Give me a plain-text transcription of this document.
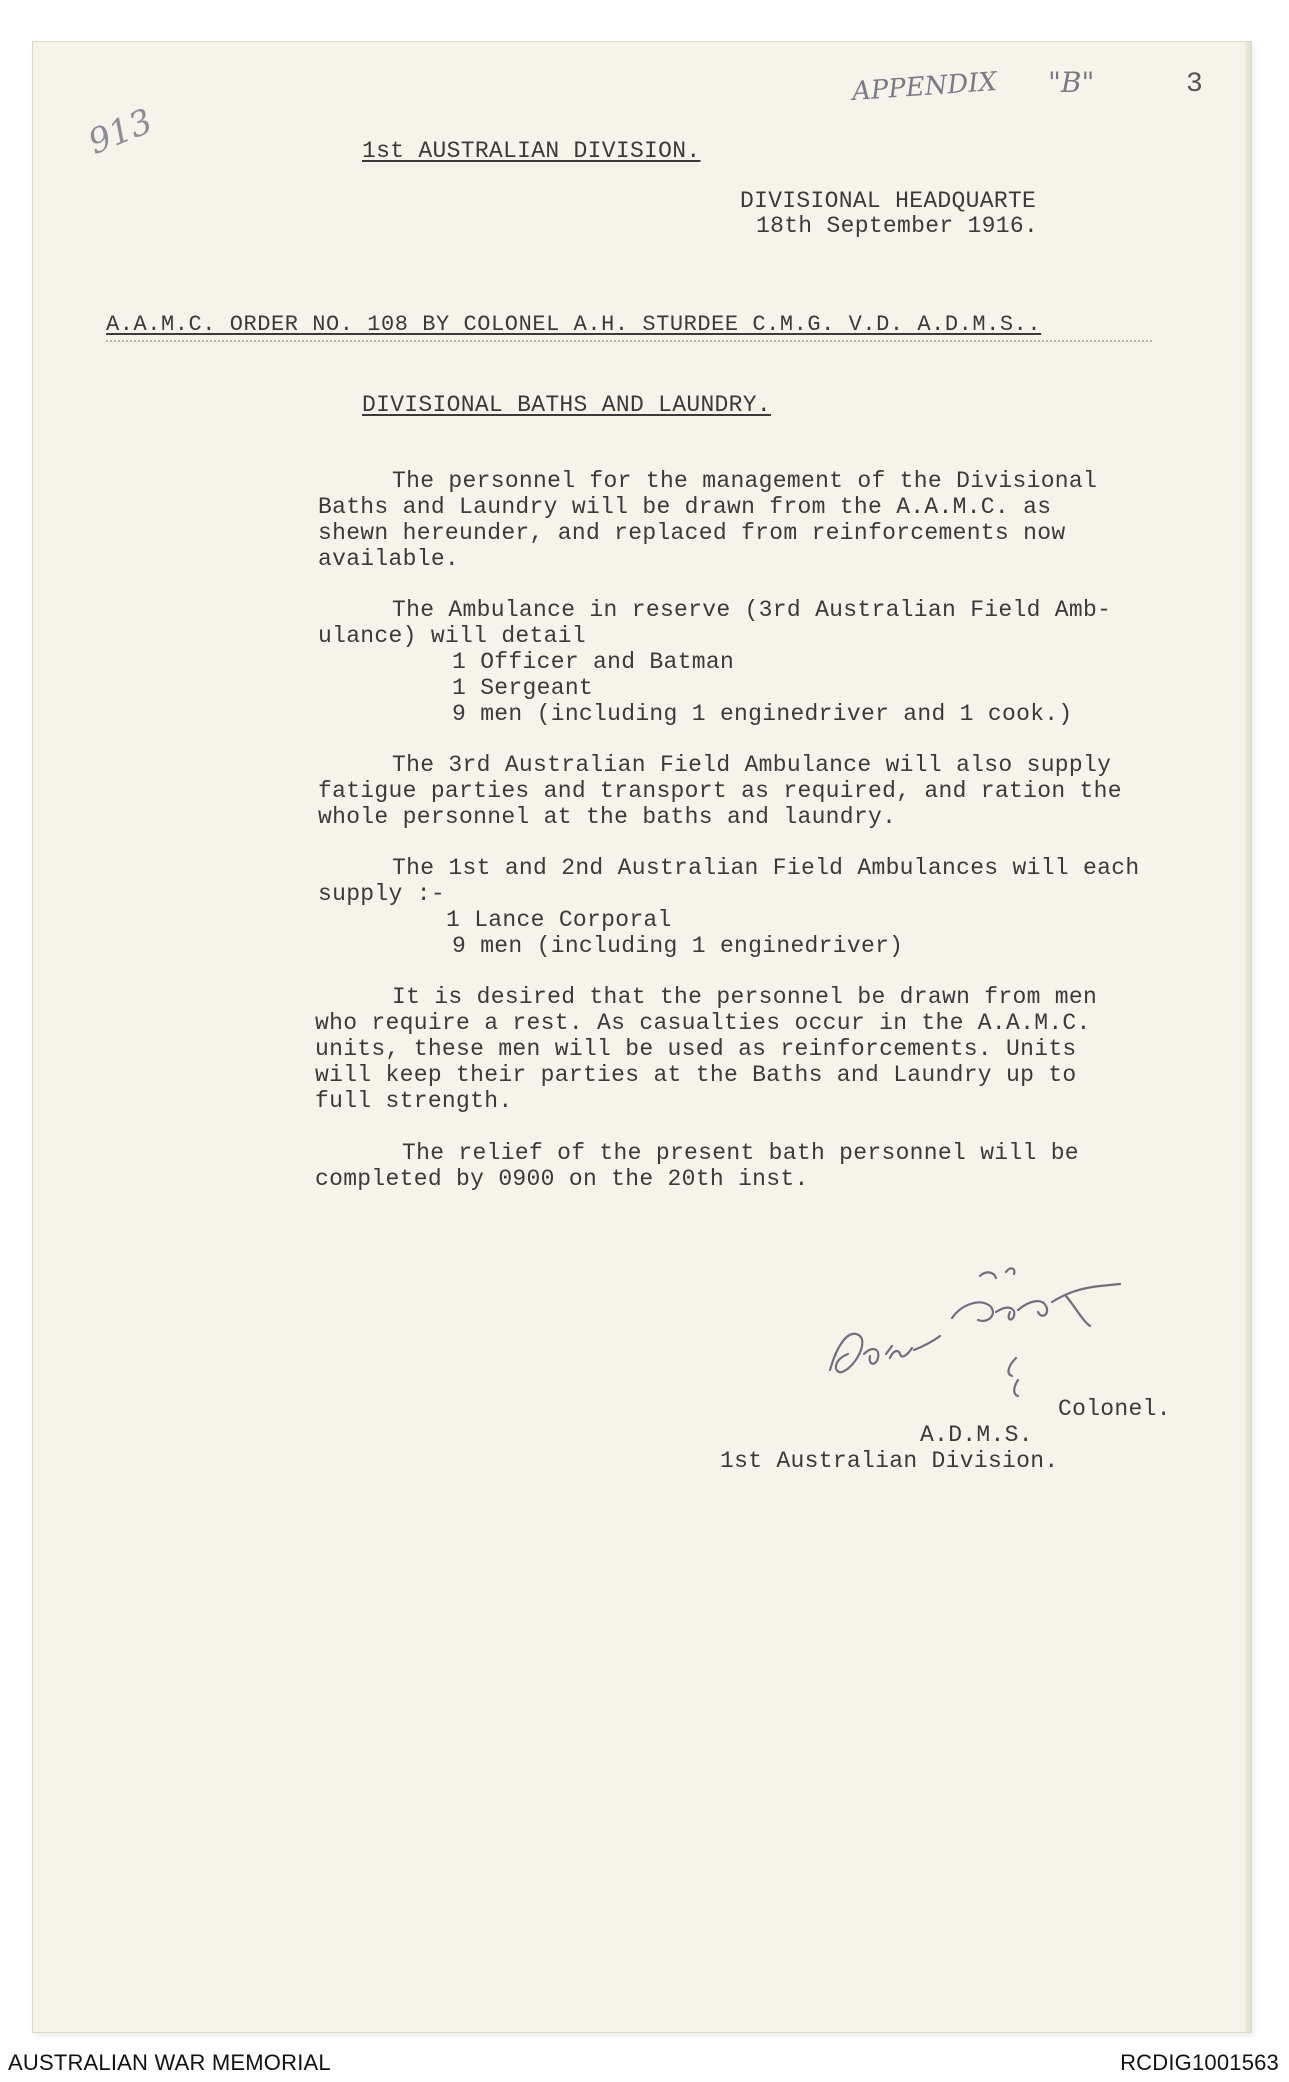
913
APPENDIX "B"	3
1st AUSTRALIAN DIVISION.
DIVISIONAL HEADQUARTE
18th September 1916.
A.A.M.C. ORDER NO. 108 BY COLONEL A.H. STURDEE C.M.G. V.D. A.D.M.S..
DIVISIONAL BATHS AND LAUNDRY.
The personnel for the management of the Divisional
Baths and Laundry will be drawn from the A.A.M.C. as
shewn hereunder, and replaced from reinforcements now
available.
The Ambulance in reserve (3rd Australian Field Amb-
ulance) will detail
1 Officer and Batman
1 Sergeant
9 men (including 1 enginedriver and 1 cook.)
The 3rd Australian Field Ambulance will also supply
fatigue parties and transport as required, and ration the
whole personnel at the baths and laundry.
The 1st and 2nd Australian Field Ambulances will each
supply :-
1 Lance Corporal
9 men (including 1 enginedriver)
It is desired that the personnel be drawn from men
who require a rest. As casualties occur in the A.A.M.C.
units, these men will be used as reinforcements. Units
will keep their parties at the Baths and Laundry up to
full strength.
The relief of the present bath personnel will be
completed by 0900 on the 20th inst.
Colonel.
A.D.M.S.
1st Australian Division.
AUSTRALIAN WAR MEMORIAL	RCDIG1001563
